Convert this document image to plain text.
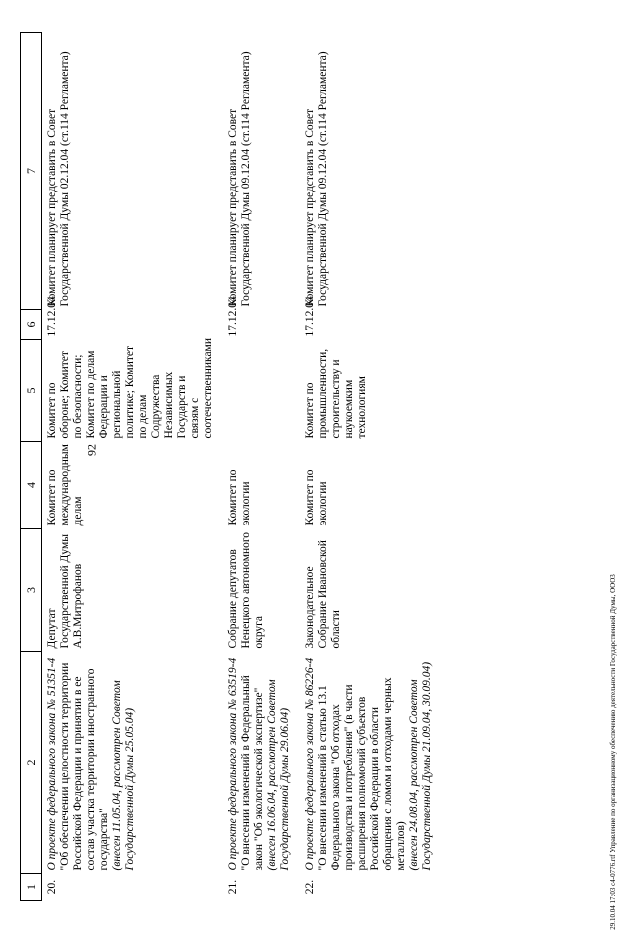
92
1	2	3	4	5	6	7
20.	О проекте федерального закона № 51351-4 "Об обеспечении целостности территории Российской Федерации и принятии в ее состав участка территории иностранного государства" (внесен 11.05.04, рассмотрен Советом Государственной Думы 25.05.04)	Депутат Государственной Думы А.В.Митрофанов	Комитет по международным делам	Комитет по обороне; Комитет по безопасности; Комитет по делам Федерации и региональной политике; Комитет по делам Содружества Независимых Государств и связям с соотечественниками	17.12.04	Комитет планирует представить в Совет Государственной Думы 02.12.04 (ст.114 Регламента)
21.	О проекте федерального закона № 63519-4 "О внесении изменений в Федеральный закон "Об экологической экспертизе" (внесен 16.06.04, рассмотрен Советом Государственной Думы 29.06.04)	Собрание депутатов Ненецкого автономного округа	Комитет по экологии		17.12.04	Комитет планирует представить в Совет Государственной Думы 09.12.04 (ст.114 Регламента)
22.	О проекте федерального закона № 86226-4 "О внесении изменений в статью 13.1 Федерального закона "Об отходах производства и потребления" (в части расширения полномочий субъектов Российской Федерации в области обращения с ломом и отходами черных металлов) (внесен 24.08.04, рассмотрен Советом Государственной Думы 21.09.04, 30.09.04)	Законодательное Собрание Ивановской области	Комитет по экологии	Комитет по промышленности, строительству и наукоемким технологиям	17.12.04	Комитет планирует представить в Совет Государственной Думы 09.12.04 (ст.114 Регламента)
29.10.04 17:03 c4-0776.rtf Управление по организационному обеспечению деятельности Государственной Думы, ООО3
